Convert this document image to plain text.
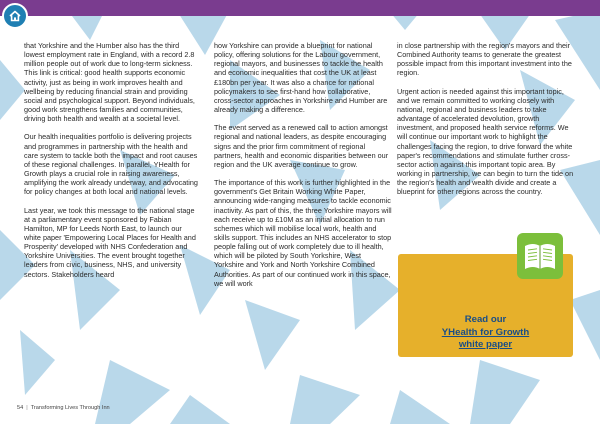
that Yorkshire and the Humber also has the third lowest employment rate in England, with a record 2.8 million people out of work due to long-term sickness. This link is critical: good health supports economic activity, just as being in work improves health and wellbeing by reducing financial strain and providing social and psychological support. Beyond individuals, good work strengthens families and communities, driving both health and wealth at a societal level.

Our health inequalities portfolio is delivering projects and programmes in partnership with the health and care system to tackle both the impact and root causes of these regional challenges. In parallel, YHealth for Growth plays a crucial role in raising awareness, amplifying the work already underway, and advocating for policy changes at both local and national levels.

Last year, we took this message to the national stage at a parliamentary event sponsored by Fabian Hamilton, MP for Leeds North East, to launch our white paper 'Empowering Local Places for Health and Prosperity' developed with NHS Confederation and Yorkshire Universities. The event brought together leaders from civic, business, NHS, and university sectors. Stakeholders heard

how Yorkshire can provide a blueprint for national policy, offering solutions for the Labour government, regional mayors, and businesses to tackle the health and economic inequalities that cost the UK at least £180bn per year. It was also a chance for national policymakers to see first-hand how collaborative, cross-sector approaches in Yorkshire and Humber are already making a difference.

The event served as a renewed call to action amongst regional and national leaders, as despite encouraging signs and the prior firm commitment of regional partners, health and economic disparities between our region and the UK average continue to grow.

The importance of this work is further highlighted in the government's Get Britain Working White Paper, announcing wide-ranging measures to tackle economic inactivity. As part of this, the three Yorkshire mayors will each receive up to £10M as an initial allocation to run schemes which will mobilise local work, health and skills support. This includes an NHS accelerator to stop people falling out of work completely due to ill health, which will be piloted by South Yorkshire, West Yorkshire and York and North Yorkshire Combined Authorities. As part of our continued work in this space, we will work

in close partnership with the region's mayors and their Combined Authority teams to generate the greatest possible impact from this important investment into the region.

Urgent action is needed against this important topic, and we remain committed to working closely with national, regional and business leaders to take advantage of accelerated devolution, growth investment, and proposed health service reforms. We will continue our important work to highlight the challenges facing the region, to drive forward the white paper's recommendations and stimulate further cross-sector action against this important topic area. By working in partnership, we can begin to turn the tide on the region's health and wealth divide and create a blueprint for other regions across the country.

Read our
YHealth for Growth
white paper
54 | Transforming Lives Through Inn
